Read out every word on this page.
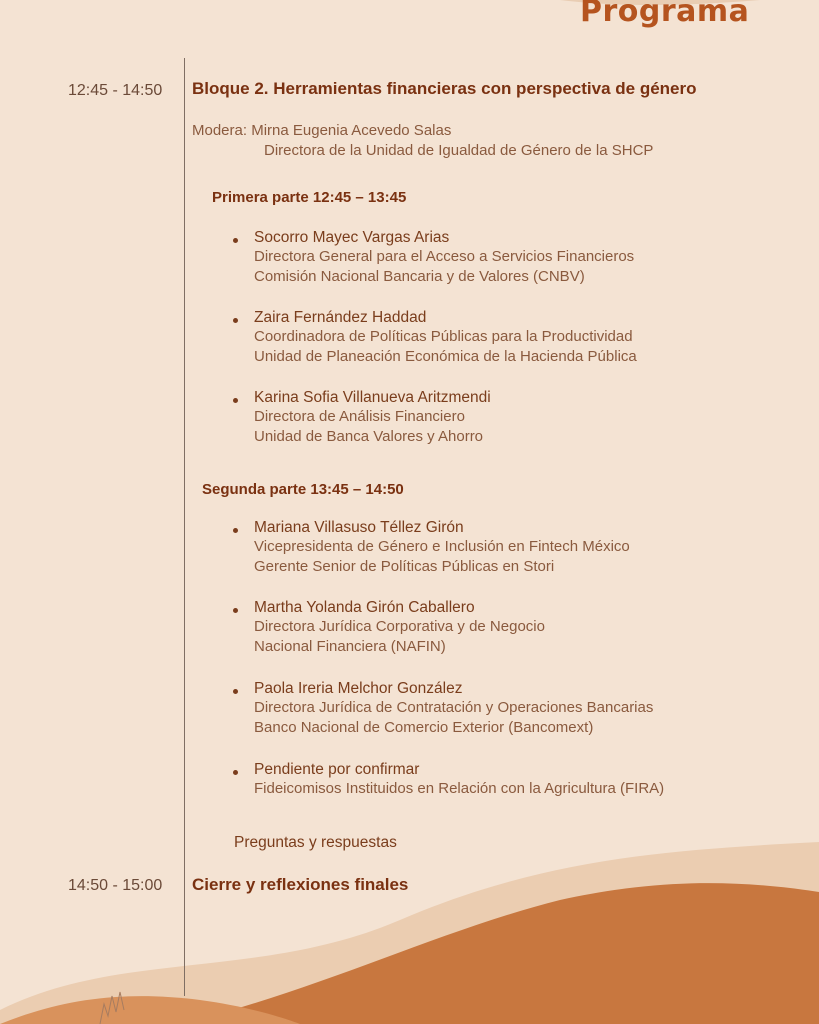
Programa
12:45 - 14:50 Bloque 2. Herramientas financieras con perspectiva de género
Modera: Mirna Eugenia Acevedo Salas
Directora de la Unidad de Igualdad de Género de la SHCP
Primera parte 12:45 – 13:45
Socorro Mayec Vargas Arias
Directora General para el Acceso a Servicios Financieros
Comisión Nacional Bancaria y de Valores (CNBV)
Zaira Fernández Haddad
Coordinadora de Políticas Públicas para la Productividad
Unidad de Planeación Económica de la Hacienda Pública
Karina Sofia Villanueva Aritzmendi
Directora de Análisis Financiero
Unidad de Banca Valores y Ahorro
Segunda parte 13:45 – 14:50
Mariana Villasuso Téllez Girón
Vicepresidenta de Género e Inclusión en Fintech México
Gerente Senior de Políticas Públicas en Stori
Martha Yolanda Girón Caballero
Directora Jurídica Corporativa y de Negocio
Nacional Financiera (NAFIN)
Paola Ireria Melchor González
Directora Jurídica de Contratación y Operaciones Bancarias
Banco Nacional de Comercio Exterior (Bancomext)
Pendiente por confirmar
Fideicomisos Instituidos en Relación con la Agricultura (FIRA)
Preguntas y respuestas
14:50 - 15:00 Cierre y reflexiones finales
